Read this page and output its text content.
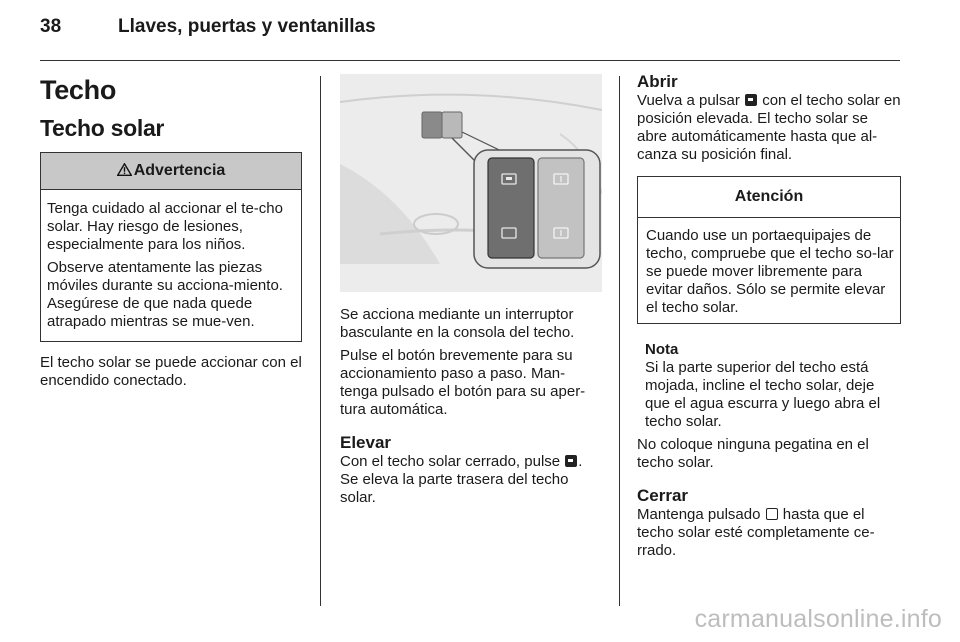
38	Llaves, puertas y ventanillas
Techo
Techo solar
Advertencia

Tenga cuidado al accionar el te-cho solar. Hay riesgo de lesiones, especialmente para los niños.

Observe atentamente las piezas móviles durante su acciona-miento. Asegúrese de que nada quede atrapado mientras se mue-ven.

El techo solar se puede accionar con el encendido conectado.

Se acciona mediante un interruptor basculante en la consola del techo.

Pulse el botón brevemente para su accionamiento paso a paso. Man-tenga pulsado el botón para su aper-tura automática.

Elevar

Con el techo solar cerrado, pulse . Se eleva la parte trasera del techo solar.

Abrir

Vuelva a pulsar con el techo solar en posición elevada. El techo solar se abre automáticamente hasta que al-canza su posición final.

Atención

Cuando use un portaequipajes de techo, compruebe que el techo so-lar se puede mover libremente para evitar daños. Sólo se permite elevar el techo solar.

Nota

Si la parte superior del techo está mojada, incline el techo solar, deje que el agua escurra y luego abra el techo solar.

No coloque ninguna pegatina en el techo solar.

Cerrar

Mantenga pulsado hasta que el techo solar esté completamente ce-rrado.

carmanualsonline.info
